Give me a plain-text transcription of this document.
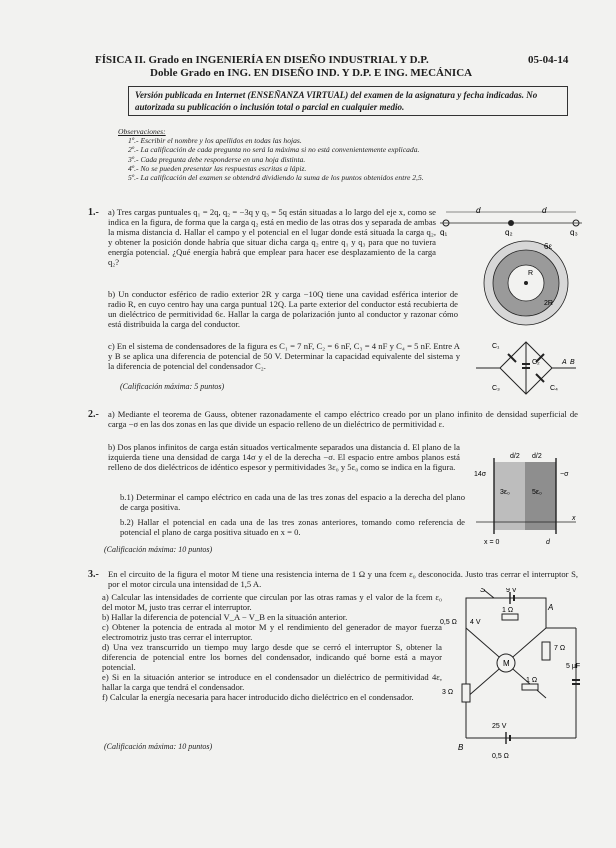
FÍSICA II. Grado en INGENIERÍA EN DISEÑO INDUSTRIAL Y D.P.
Doble Grado en ING. EN DISEÑO IND. Y D.P. E ING. MECÁNICA
05-04-14
Versión publicada en Internet (ENSEÑANZA VIRTUAL) del examen de la asignatura y fecha indicadas. No autorizada su publicación o inclusión total o parcial en cualquier medio.
Observaciones:
1º.- Escribir el nombre y los apellidos en todas las hojas.
2º.- La calificación de cada pregunta no será la máxima si no está convenientemente explicada.
3º.- Cada pregunta debe responderse en una hoja distinta.
4º.- No se pueden presentar las respuestas escritas a lápiz.
5º.- La calificación del examen se obtendrá dividiendo la suma de los puntos obtenidos entre 2,5.
1.- a) Tres cargas puntuales q₁ = 2q, q₂ = −3q y q₃ = 5q están situadas a lo largo del eje x, como se indica en la figura, de forma que la carga q₂ está en medio de las otras dos y separada de ambas la misma distancia d. Hallar el campo y el potencial en el lugar donde está situada la carga q₂, y obtener la posición donde habría que situar dicha carga q₂ entre q₁ y q₃ para que no tuviera energía potencial. ¿Qué energía habrá que emplear para hacer ese desplazamiento de la carga q₂?
b) Un conductor esférico de radio exterior 2R y carga −10Q tiene una cavidad esférica interior de radio R, en cuyo centro hay una carga puntual 12Q. La parte exterior del conductor está recubierta de un dieléctrico de permitividad 6ε. Hallar la carga de polarización junto al conductor y razonar cómo está distribuida la carga del conductor.
c) En el sistema de condensadores de la figura es C₁ = 7 nF, C₂ = 6 nF, C₃ = 4 nF y C₄ = 5 nF. Entre A y B se aplica una diferencia de potencial de 50 V. Determinar la capacidad equivalente del sistema y la diferencia de potencial del condensador C₂.
(Calificación máxima: 5 puntos)
d	d
q₁	q₂	q₃
6ε
R
2R
C₁
C₂
C₃	C₄
A B
2.- a) Mediante el teorema de Gauss, obtener razonadamente el campo eléctrico creado por un plano infinito de densidad superficial de carga −σ en las dos zonas en las que divide un espacio relleno de un dieléctrico de permitividad ε.
b) Dos planos infinitos de carga están situados verticalmente separados una distancia d. El plano de la izquierda tiene una densidad de carga 14σ y el de la derecha −σ. El espacio entre ambos planos está relleno de dos dieléctricos de idéntico espesor y permitividades 3ε₀ y 5ε₀ como se indica en la figura.
b.1) Determinar el campo eléctrico en cada una de las tres zonas del espacio a la derecha del plano de carga positiva.
b.2) Hallar el potencial en cada una de las tres zonas anteriores, tomando como referencia de potencial el plano de carga positiva situado en x = 0.
(Calificación máxima: 10 puntos)
d/2 d/2
14σ	−σ
3ε₀	5ε₀
x
x = 0	d
3.- En el circuito de la figura el motor M tiene una resistencia interna de 1 Ω y una fcem ε₀ desconocida. Justo tras cerrar el interruptor S, por el motor circula una intensidad de 1,5 A.

a) Calcular las intensidades de corriente que circulan por las otras ramas y el valor de la fcem ε₀ del motor M, justo tras cerrar el interruptor.

b) Hallar la diferencia de potencial V_A − V_B en la situación anterior.

c) Obtener la potencia de entrada al motor M y el rendimiento del generador de mayor fuerza electromotriz justo tras cerrar el interruptor.

d) Una vez transcurrido un tiempo muy largo desde que se cerró el interruptor S, obtener la diferencia de potencial entre los bornes del condensador, indicando qué borne está a mayor potencial.

e) Si en la situación anterior se introduce en el condensador un dieléctrico de permitividad 4ε, hallar la carga que tendrá el condensador.

f) Calcular la energía necesaria para hacer introducido dicho dieléctrico en el condensador.

(Calificación máxima: 10 puntos)
S	9 V
1 Ω	A
0,5 Ω 4 V
M
7 Ω
5 μF
3 Ω
1 Ω
25 V
B
0,5 Ω
